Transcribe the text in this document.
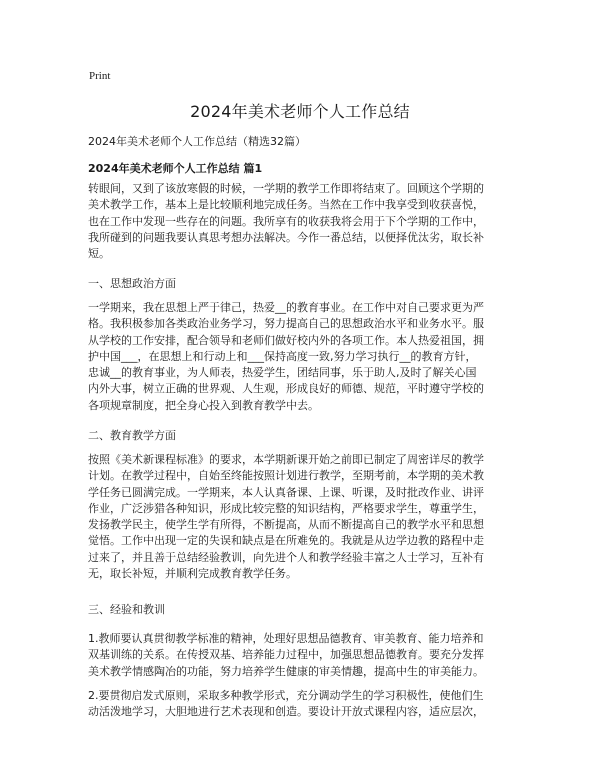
Print
2024年美术老师个人工作总结
2024年美术老师个人工作总结（精选32篇）
2024年美术老师个人工作总结 篇1

转眼间，又到了该放寒假的时候，一学期的教学工作即将结束了。回顾这个学期的

美术教学工作，基本上是比较顺利地完成任务。当然在工作中我享受到收获喜悦，

也在工作中发现一些存在的问题。我所享有的收获我将会用于下个学期的工作中，

我所碰到的问题我要认真思考想办法解决。今作一番总结，以便择优汰劣，取长补

短。

一、思想政治方面

一学期来，我在思想上严于律己，热爱__的教育事业。在工作中对自己要求更为严

格。我积极参加各类政治业务学习，努力提高自己的思想政治水平和业务水平。服

从学校的工作安排，配合领导和老师们做好校内外的各项工作。本人热爱祖国，拥

护中国___，在思想上和行动上和___保持高度一致,努力学习执行__的教育方针，

忠诚__的教育事业，为人师表，热爱学生，团结同事，乐于助人,及时了解关心国

内外大事，树立正确的世界观、人生观，形成良好的师德、规范，平时遵守学校的

各项规章制度，把全身心投入到教育教学中去。

二、教育教学方面

按照《美术新课程标准》的要求，本学期新课开始之前即已制定了周密详尽的教学

计划。在教学过程中，自始至终能按照计划进行教学，至期考前，本学期的美术教

学任务已圆满完成。一学期来，本人认真备课、上课、听课，及时批改作业、讲评

作业，广泛涉猎各种知识，形成比较完整的知识结构，严格要求学生，尊重学生，

发扬教学民主，使学生学有所得，不断提高，从而不断提高自己的教学水平和思想

觉悟。工作中出现一定的失误和缺点是在所难免的。我就是从边学边教的路程中走

过来了，并且善于总结经验教训，向先进个人和教学经验丰富之人士学习，互补有

无，取长补短，并顺利完成教育教学任务。

三、经验和教训

1.教师要认真贯彻教学标准的精神，处理好思想品德教育、审美教育、能力培养和

双基训练的关系。在传授双基、培养能力过程中，加强思想品德教育。要充分发挥

美术教学情感陶冶的功能，努力培养学生健康的审美情趣，提高中生的审美能力。

2.要贯彻启发式原则，采取多种教学形式，充分调动学生的学习积极性，使他们生

动活泼地学习，大胆地进行艺术表现和创造。要设计开放式课程内容，适应层次，
